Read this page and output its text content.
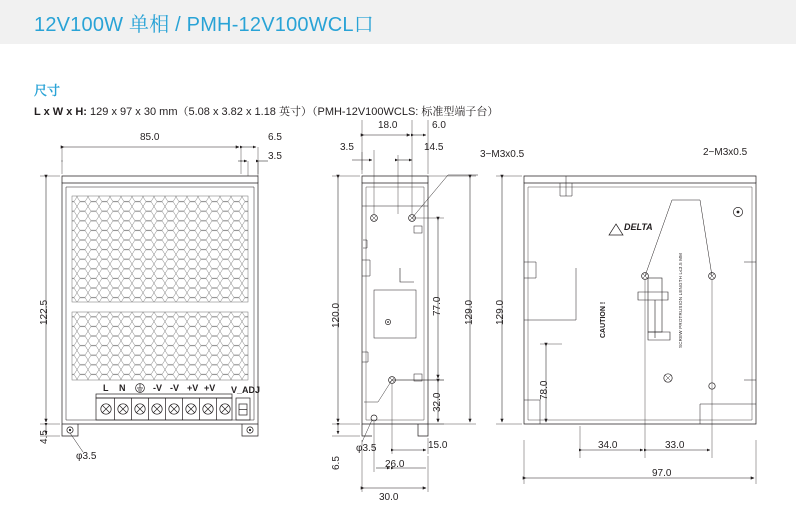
12V100W 单相 / PMH-12V100WCL口
尺寸
L x W x H: 129 x 97 x 30 mm（5.08 x 3.82 x 1.18 英寸）（PMH-12V100WCLS: 标准型端子台）
85.0	6.5
3.5
122.5
4.5
φ3.5
L N	-V -V +V +V V_ADJ
18.0	6.0
3.5	14.5
3−M3x0.5
120.0
6.5
φ3.5
77.0 129.0
32.0
15.0
26.0
30.0
2−M3x0.5
129.0
78.0
34.0	33.0
97.0
DELTA
CAUTION !	SCREW PROTRUSION LENGTH L≤3.5 MM
